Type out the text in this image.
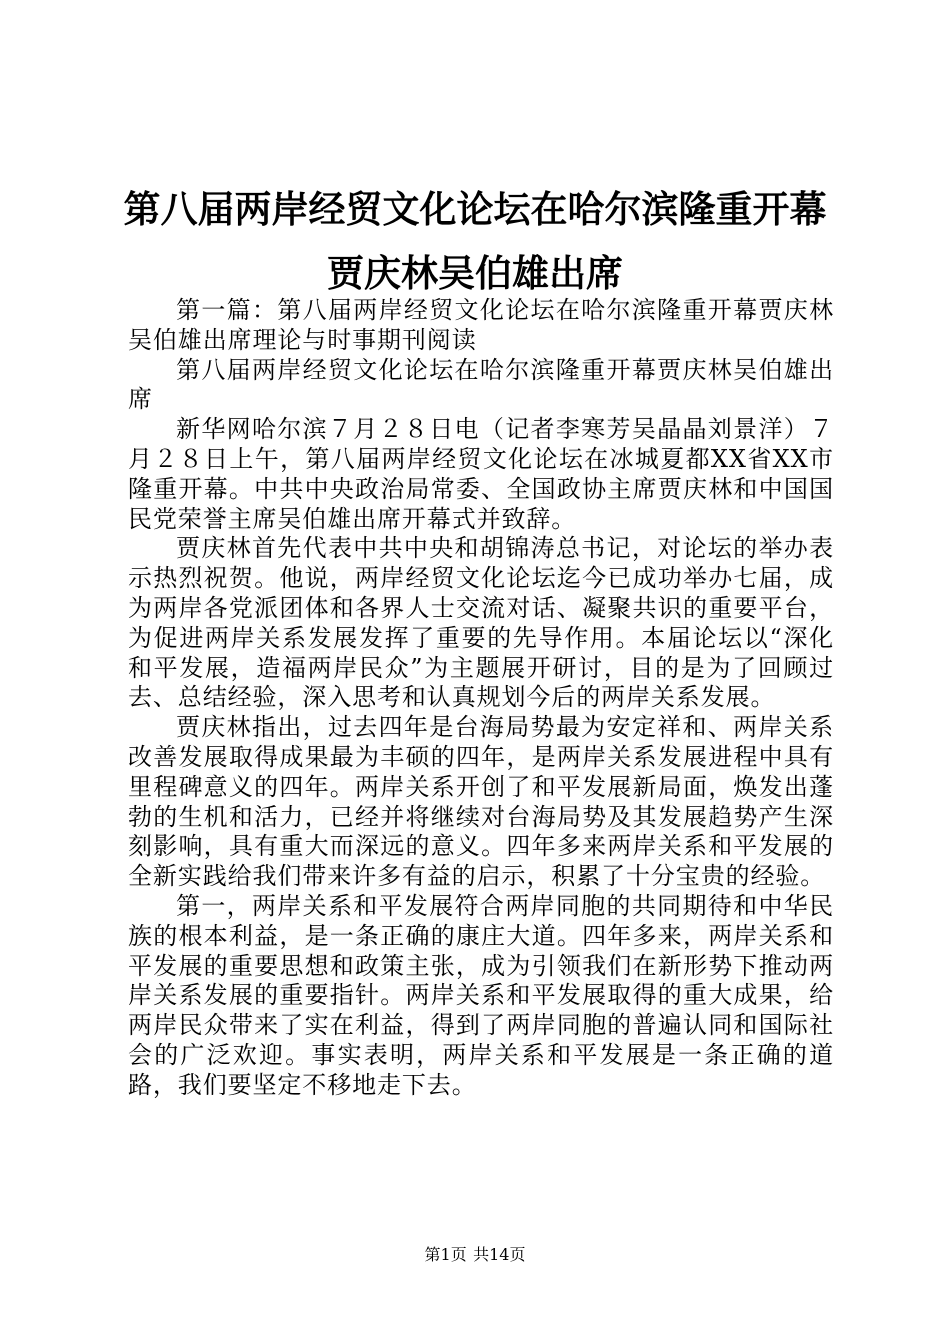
第八届两岸经贸文化论坛在哈尔滨隆重开幕贾庆林吴伯雄出席

第一篇：第八届两岸经贸文化论坛在哈尔滨隆重开幕贾庆林吴伯雄出席理论与时事期刊阅读

第八届两岸经贸文化论坛在哈尔滨隆重开幕贾庆林吴伯雄出席

新华网哈尔滨７月２８日电（记者李寒芳吴晶晶刘景洋）７月２８日上午，第八届两岸经贸文化论坛在冰城夏都XX省XX市隆重开幕。中共中央政治局常委、全国政协主席贾庆林和中国国民党荣誉主席吴伯雄出席开幕式并致辞。

贾庆林首先代表中共中央和胡锦涛总书记，对论坛的举办表示热烈祝贺。他说，两岸经贸文化论坛迄今已成功举办七届，成为两岸各党派团体和各界人士交流对话、凝聚共识的重要平台，为促进两岸关系发展发挥了重要的先导作用。本届论坛以“深化和平发展，造福两岸民众”为主题展开研讨，目的是为了回顾过去、总结经验，深入思考和认真规划今后的两岸关系发展。

贾庆林指出，过去四年是台海局势最为安定祥和、两岸关系改善发展取得成果最为丰硕的四年，是两岸关系发展进程中具有里程碑意义的四年。两岸关系开创了和平发展新局面，焕发出蓬勃的生机和活力，已经并将继续对台海局势及其发展趋势产生深刻影响，具有重大而深远的意义。四年多来两岸关系和平发展的全新实践给我们带来许多有益的启示，积累了十分宝贵的经验。

第一，两岸关系和平发展符合两岸同胞的共同期待和中华民族的根本利益，是一条正确的康庄大道。四年多来，两岸关系和平发展的重要思想和政策主张，成为引领我们在新形势下推动两岸关系发展的重要指针。两岸关系和平发展取得的重大成果，给两岸民众带来了实在利益，得到了两岸同胞的普遍认同和国际社会的广泛欢迎。事实表明，两岸关系和平发展是一条正确的道路，我们要坚定不移地走下去。

第1页 共14页
